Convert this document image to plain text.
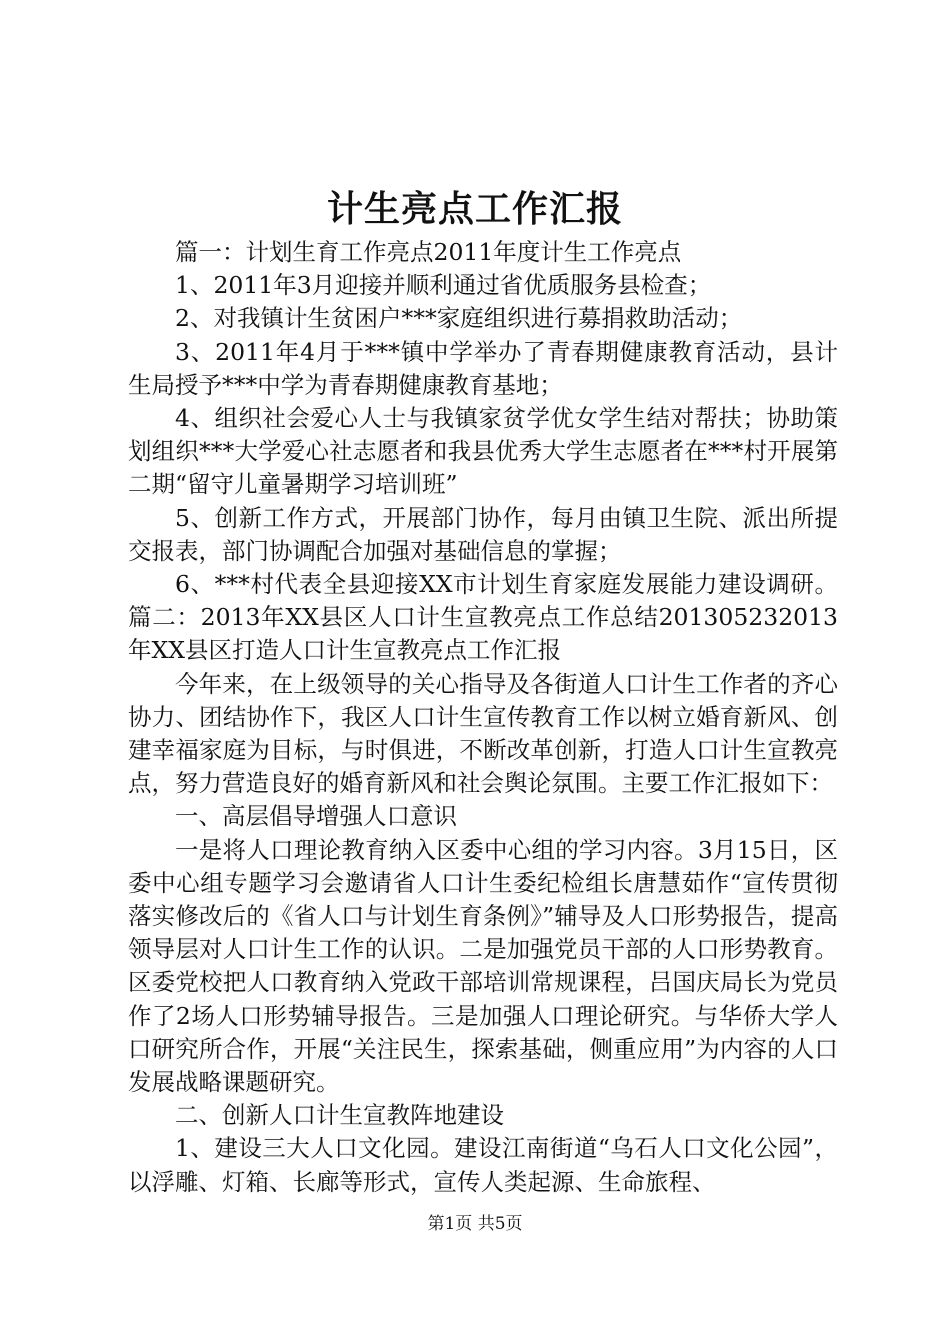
计生亮点工作汇报

篇一：计划生育工作亮点2011年度计生工作亮点

1、2011年3月迎接并顺利通过省优质服务县检查；

2、对我镇计生贫困户***家庭组织进行募捐救助活动；

3、2011年4月于***镇中学举办了青春期健康教育活动，县计生局授予***中学为青春期健康教育基地；

4、组织社会爱心人士与我镇家贫学优女学生结对帮扶；协助策划组织***大学爱心社志愿者和我县优秀大学生志愿者在***村开展第二期“留守儿童暑期学习培训班”

5、创新工作方式，开展部门协作，每月由镇卫生院、派出所提交报表，部门协调配合加强对基础信息的掌握；

6、***村代表全县迎接XX市计划生育家庭发展能力建设调研。篇二：2013年XX县区人口计生宣教亮点工作总结201305232013年XX县区打造人口计生宣教亮点工作汇报

今年来，在上级领导的关心指导及各街道人口计生工作者的齐心协力、团结协作下，我区人口计生宣传教育工作以树立婚育新风、创建幸福家庭为目标，与时俱进，不断改革创新，打造人口计生宣教亮点，努力营造良好的婚育新风和社会舆论氛围。主要工作汇报如下：

一、高层倡导增强人口意识

一是将人口理论教育纳入区委中心组的学习内容。3月15日，区委中心组专题学习会邀请省人口计生委纪检组长唐慧茹作“宣传贯彻落实修改后的《省人口与计划生育条例》”辅导及人口形势报告，提高领导层对人口计生工作的认识。二是加强党员干部的人口形势教育。区委党校把人口教育纳入党政干部培训常规课程，吕国庆局长为党员作了2场人口形势辅导报告。三是加强人口理论研究。与华侨大学人口研究所合作，开展“关注民生，探索基础，侧重应用”为内容的人口发展战略课题研究。

二、创新人口计生宣教阵地建设

1、建设三大人口文化园。建设江南街道“乌石人口文化公园”，以浮雕、灯箱、长廊等形式，宣传人类起源、生命旅程、

第1页 共5页
